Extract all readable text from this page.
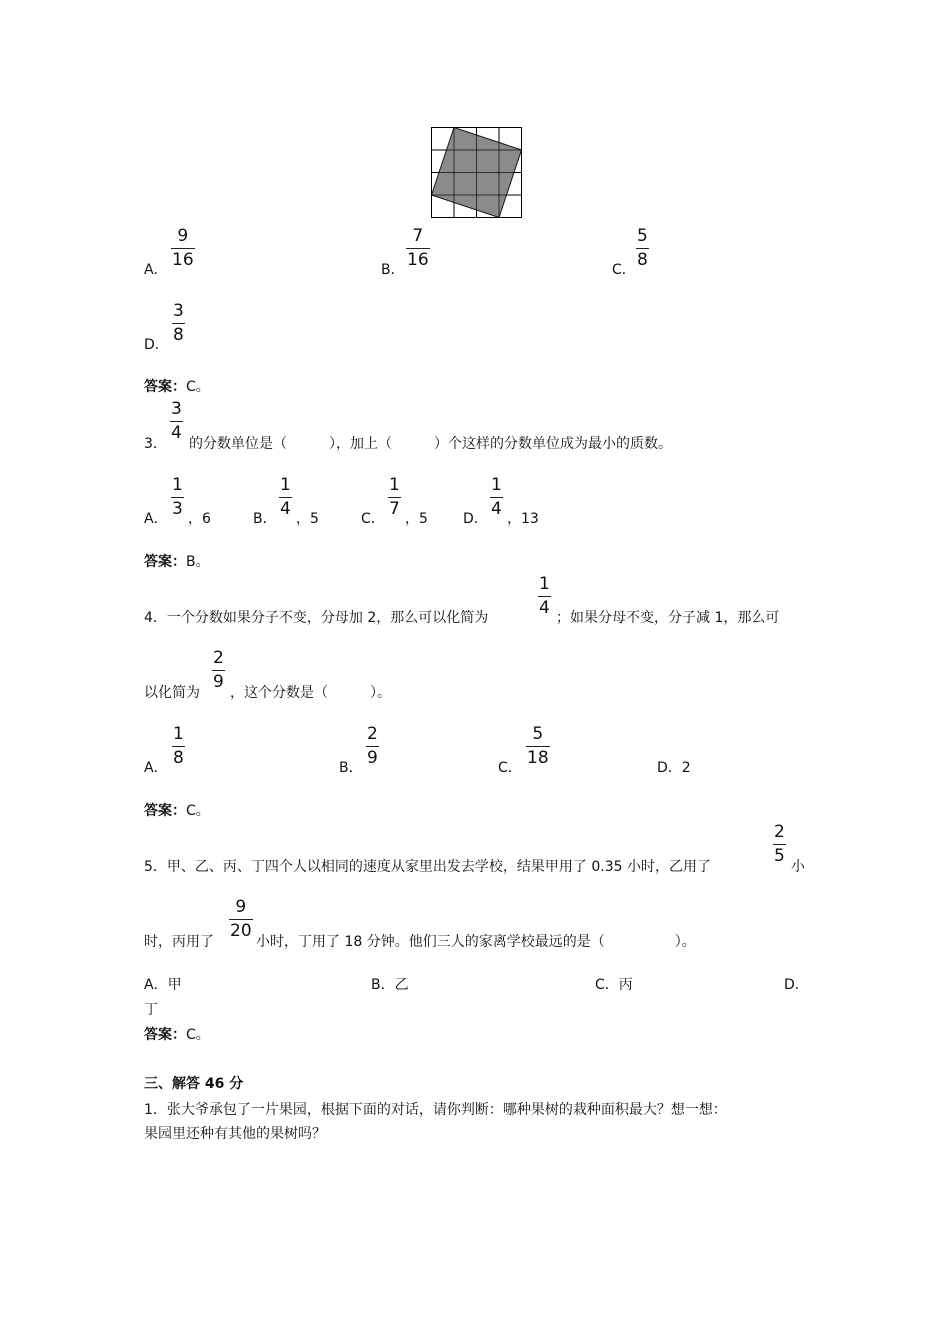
A．
9
16	B．
7
16	C．
5
8
D．
3
8
答案：C。
3．
3
4
的分数单位是（　　　），加上（　　　）个这样的分数单位成为最小的质数。
A．
1
3 ，6	B．
1
4 ，5	C．
1
7 ，5	D．
1
4 ，13
答案：B。
4．一个分数如果分子不变，分母加 2，那么可以化简为
1
4 ；如果分母不变，分子减 1，那么可
以化简为
2
9
，这个分数是（　　　）。
A．
1
8	B．
2
9	C．
5
18	D．2
答案：C。
5．甲、乙、丙、丁四个人以相同的速度从家里出发去学校，结果甲用了 0.35 小时，乙用了
2
5
小
时，丙用了
9
20
小时，丁用了 18 分钟。他们三人的家离学校最远的是（　　　　　）。
A．甲	B．乙	C．丙	D．
丁
答案：C。
三、解答 46 分
1．张大爷承包了一片果园，根据下面的对话，请你判断：哪种果树的栽种面积最大？想一想：
果园里还种有其他的果树吗？
